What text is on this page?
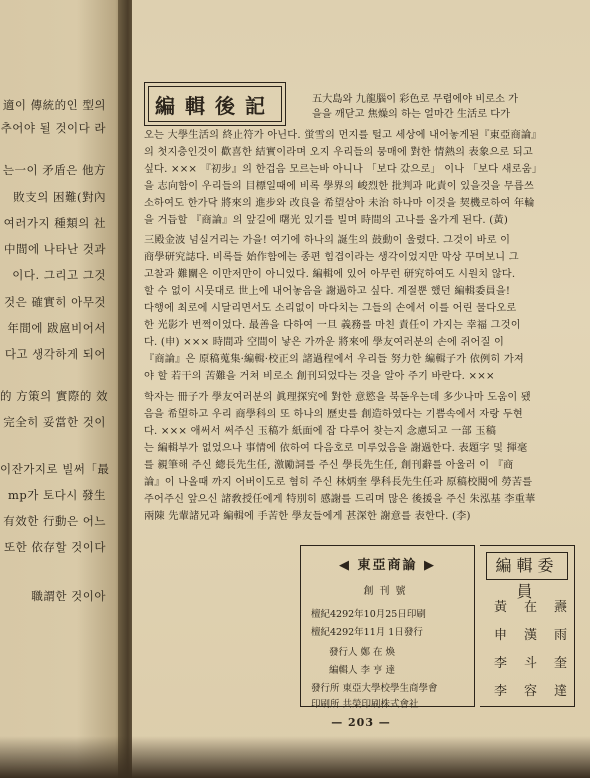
適이 傳統的인 型의
추어야 될 것이다 라
는一이 矛盾은 他方
敗支의 困難(對內
여러가지 種類의 社
中間에 나타난 것과
이다. 그리고 그것
것은 確實히 아무것
年間에 跋扈비어서
다고 생각하게 되어
的 方策의 實際的 效
完全히 妥當한 것이
이잔가지로 빌써「最
mp가 토다시 發生
有效한 行動은 어느
또한 依存할 것이다
職謂한 것이아
編輯後記	五大島와 九龍腦이 彩色로 무렵에야 비로소 가
을을 깨닫고 焦燥의 하는 얼마간 生活로 다가
오는 大學生活의 終止符가 아닌다. 蛍雪의 먼지를 털고 세상에 내어놓게된『東亞商論』
의 첫지층인것이 歡喜한 結實이라며 오지 우리들의 뭉매에 對한 情熱의 表象으로 되고
싶다. ××× 『初步』의 한겁음 모르는바 아니나 「보다 갔으로」 이나 「보다 새로움」
을 志向함이 우리들의 目標일때에 비록 學界의 峻烈한 批判과 叱責이 있을것을 무릅쓰
소하여도 한가닥 將來의 進步와 改良을 希望삼아 未治 하나마 이것을 契機로하여 年輪
을 거듭할 『商論』의 앞길에 曙光 있기를 빌며 時間의 고나를 올가게 된다. (黃)
三殿金波 넘실거리는 가을! 여기에 하나의 誕生의 鼓動이 울렸다. 그것이 바로 이
商學研究誌다. 비록들 始作함에는 종편 힘겹이라는 생각이었지만 막상 꾸며보니 그
고찰과 難關은 이만저만이 아니었다. 編輯에 있어 아무런 研究하여도 시원치 않다.
할 수 없이 시뭇대로 世上에 내어놓음을 謝過하고 싶다. 계절뿐 했던 編輯委員을!
다행에 최로에 시달리면서도 소리없이 마다치는 그들의 손에서 이를 어린 물다오로
한 光影가 번쩍이었다. 最善을 다하여 一旦 義務를 마친 責任이 가지는 幸福 그것이
다. (申) ××× 時間과 空間이 낳은 가까운 將來에 學友여러분의 손에 쥐어질 이
『商論』은 原稿蒐集·編輯·校正의 諸過程에서 우리들 努力한 編輯子가 依例히 가져
야 할 若干의 苦難을 거쳐 비로소 創刊되었다는 것을 알아 주기 바란다. ×××
학자는 冊子가 學友여러분의 眞理探究에 對한 意慾을 북돋우는데 多少나마 도움이 됐
음을 希望하고 우리 商學科의 또 하나의 歷史를 創造하였다는 기쁨속에서 자랑 두현
다. ××× 애써서 써주신 玉稿가 紙面에 잡 다루어 찾는지 念慮되고 一部 玉稿
는 編輯부가 없었으나 事情에 依하여 다음호로 미루었음을 謝過한다. 表題字 및 揮毫
를 親筆해 주신 總長先生任, 激勵詞를 주신 學長先生任, 創刊辭를 아울러 이 『商
論』이 나올때 까지 어버이도로 혐히 주신 林炳奎 學科長先生任과 原稿校閱에 勞苦를
주어주신 앞으신 諸敎授任에게 特別히 感謝를 드리며 많은 後援을 주신 朱泓基 李重華
兩陳 先輩諸兄과 編輯에 手苦한 學友들에게 甚深한 謝意를 表한다. (李)
◀ 東亞商論 ▶
創刊號
檀紀4292年10月25日印刷
檀紀4292年11月 1日發行
發行人 鄭 在 煥
編輯人 李 亨 達
發行所 東亞大學校學生商學會
印刷所 共榮印刷株式會社
編輯委員
黃在燾
申漢雨
李斗奎
李容達
— 203 —
